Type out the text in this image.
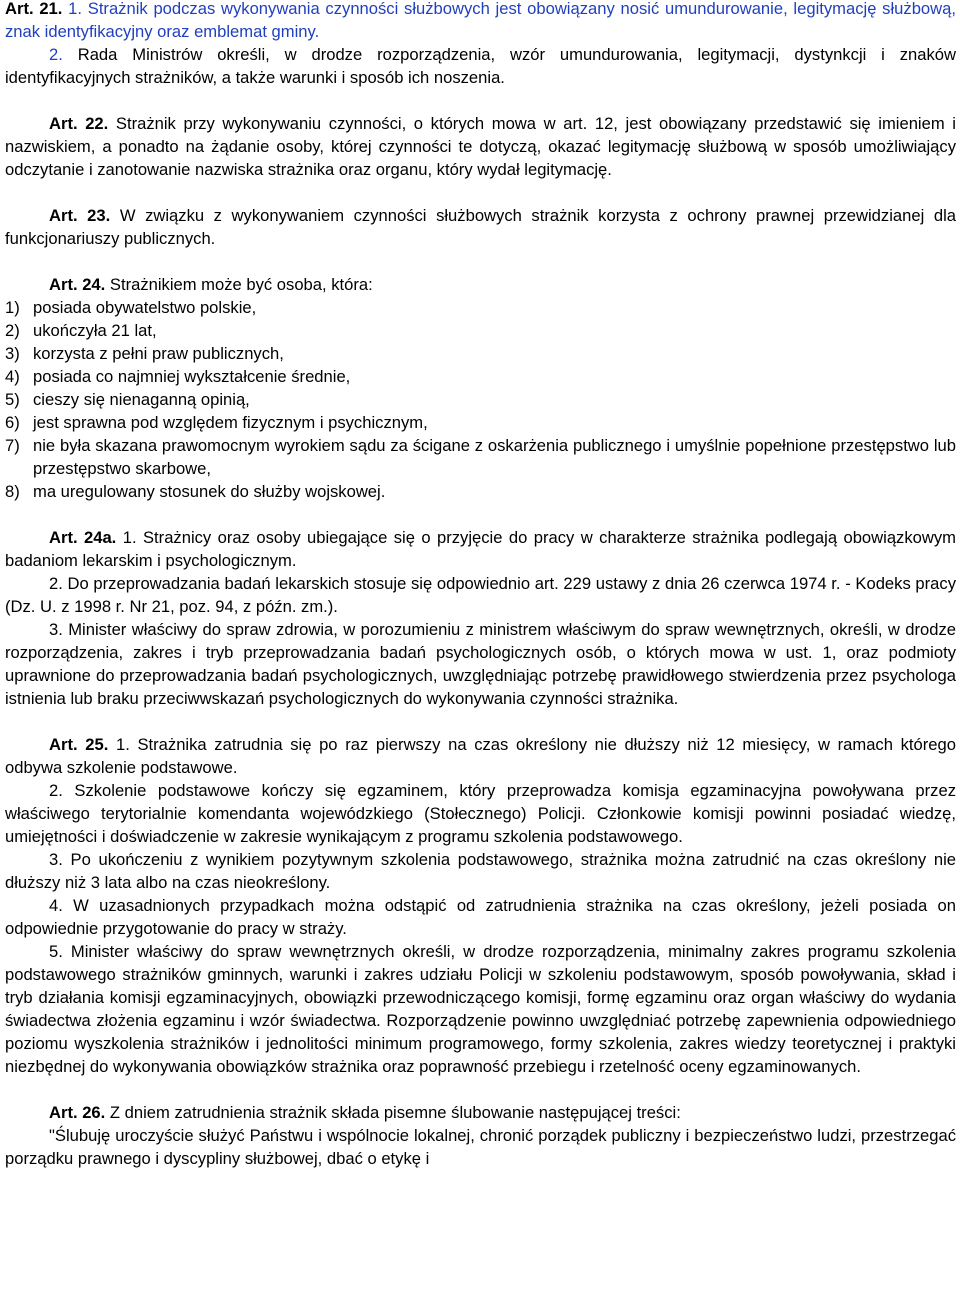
Art. 21. 1. Strażnik podczas wykonywania czynności służbowych jest obowiązany nosić umundurowanie, legitymację służbową, znak identyfikacyjny oraz emblemat gminy.

2. Rada Ministrów określi, w drodze rozporządzenia, wzór umundurowania, legitymacji, dystynkcji i znaków identyfikacyjnych strażników, a także warunki i sposób ich noszenia.

Art. 22. Strażnik przy wykonywaniu czynności, o których mowa w art. 12, jest obowiązany przedstawić się imieniem i nazwiskiem, a ponadto na żądanie osoby, której czynności te dotyczą, okazać legitymację służbową w sposób umożliwiający odczytanie i zanotowanie nazwiska strażnika oraz organu, który wydał legitymację.

Art. 23. W związku z wykonywaniem czynności służbowych strażnik korzysta z ochrony prawnej przewidzianej dla funkcjonariuszy publicznych.

Art. 24. Strażnikiem może być osoba, która:

1) posiada obywatelstwo polskie,
2) ukończyła 21 lat,
3) korzysta z pełni praw publicznych,
4) posiada co najmniej wykształcenie średnie,
5) cieszy się nienaganną opinią,
6) jest sprawna pod względem fizycznym i psychicznym,
7) nie była skazana prawomocnym wyrokiem sądu za ścigane z oskarżenia publicznego i umyślnie popełnione przestępstwo lub przestępstwo skarbowe,
8) ma uregulowany stosunek do służby wojskowej.

Art. 24a. 1. Strażnicy oraz osoby ubiegające się o przyjęcie do pracy w charakterze strażnika podlegają obowiązkowym badaniom lekarskim i psychologicznym.

2. Do przeprowadzania badań lekarskich stosuje się odpowiednio art. 229 ustawy z dnia 26 czerwca 1974 r. - Kodeks pracy (Dz. U. z 1998 r. Nr 21, poz. 94, z późn. zm.).

3. Minister właściwy do spraw zdrowia, w porozumieniu z ministrem właściwym do spraw wewnętrznych, określi, w drodze rozporządzenia, zakres i tryb przeprowadzania badań psychologicznych osób, o których mowa w ust. 1, oraz podmioty uprawnione do przeprowadzania badań psychologicznych, uwzględniając potrzebę prawidłowego stwierdzenia przez psychologa istnienia lub braku przeciwwskazań psychologicznych do wykonywania czynności strażnika.

Art. 25. 1. Strażnika zatrudnia się po raz pierwszy na czas określony nie dłuższy niż 12 miesięcy, w ramach którego odbywa szkolenie podstawowe.

2. Szkolenie podstawowe kończy się egzaminem, który przeprowadza komisja egzaminacyjna powoływana przez właściwego terytorialnie komendanta wojewódzkiego (Stołecznego) Policji. Członkowie komisji powinni posiadać wiedzę, umiejętności i doświadczenie w zakresie wynikającym z programu szkolenia podstawowego.

3. Po ukończeniu z wynikiem pozytywnym szkolenia podstawowego, strażnika można zatrudnić na czas określony nie dłuższy niż 3 lata albo na czas nieokreślony.

4. W uzasadnionych przypadkach można odstąpić od zatrudnienia strażnika na czas określony, jeżeli posiada on odpowiednie przygotowanie do pracy w straży.

5. Minister właściwy do spraw wewnętrznych określi, w drodze rozporządzenia, minimalny zakres programu szkolenia podstawowego strażników gminnych, warunki i zakres udziału Policji w szkoleniu podstawowym, sposób powoływania, skład i tryb działania komisji egzaminacyjnych, obowiązki przewodniczącego komisji, formę egzaminu oraz organ właściwy do wydania świadectwa złożenia egzaminu i wzór świadectwa. Rozporządzenie powinno uwzględniać potrzebę zapewnienia odpowiedniego poziomu wyszkolenia strażników i jednolitości minimum programowego, formy szkolenia, zakres wiedzy teoretycznej i praktyki niezbędnej do wykonywania obowiązków strażnika oraz poprawność przebiegu i rzetelność oceny egzaminowanych.

Art. 26. Z dniem zatrudnienia strażnik składa pisemne ślubowanie następującej treści:

"Ślubuję uroczyście służyć Państwu i wspólnocie lokalnej, chronić porządek publiczny i bezpieczeństwo ludzi, przestrzegać porządku prawnego i dyscypliny służbowej, dbać o etykę i
